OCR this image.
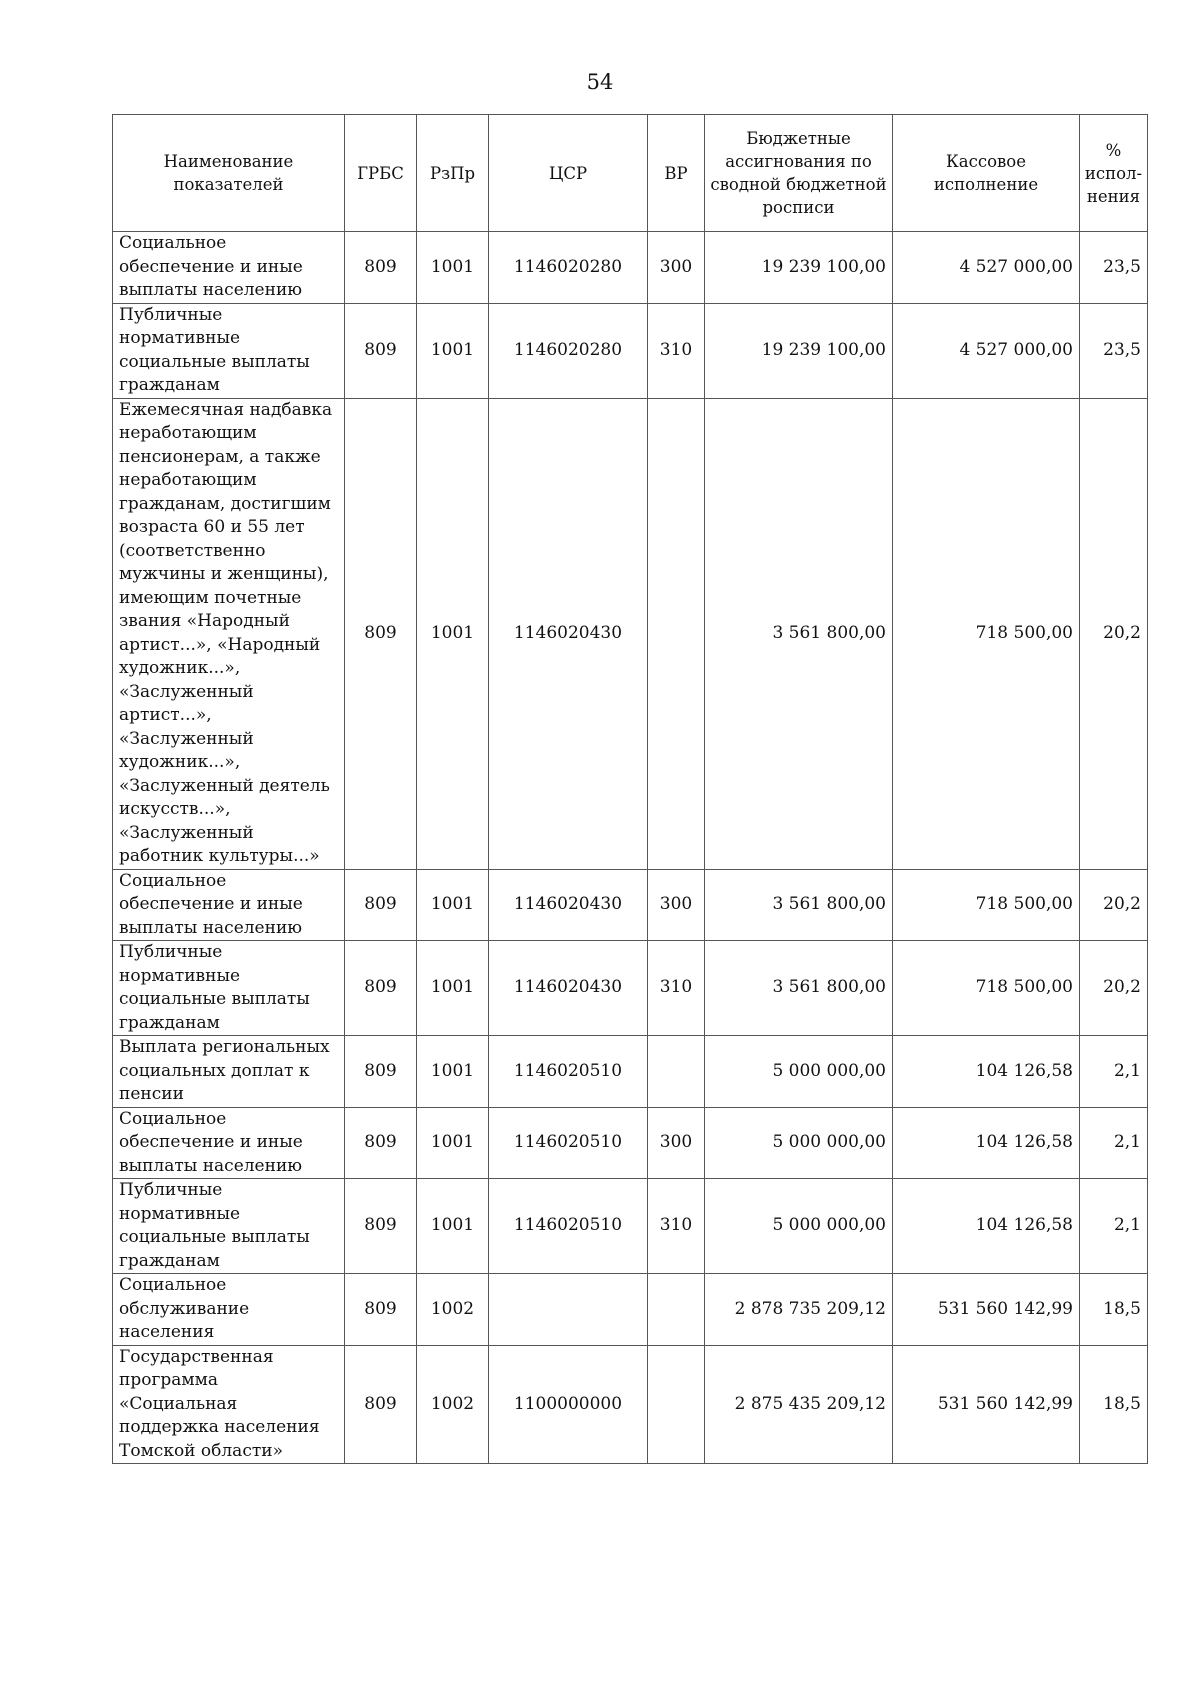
54
Наименование показателей	ГРБС	РзПр	ЦСР	ВР	Бюджетные ассигнования по сводной бюджетной росписи	Кассовое исполнение	% испол-нения
Социальное обеспечение и иные выплаты населению	809	1001	1146020280	300	19 239 100,00	4 527 000,00	23,5
Публичные нормативные социальные выплаты гражданам	809	1001	1146020280	310	19 239 100,00	4 527 000,00	23,5
Ежемесячная надбавка неработающим пенсионерам, а также неработающим гражданам, достигшим возраста 60 и 55 лет (соответственно мужчины и женщины), имеющим почетные звания «Народный артист...», «Народный художник...», «Заслуженный артист...», «Заслуженный художник...», «Заслуженный деятель искусств...», «Заслуженный работник культуры...»	809	1001	1146020430		3 561 800,00	718 500,00	20,2
Социальное обеспечение и иные выплаты населению	809	1001	1146020430	300	3 561 800,00	718 500,00	20,2
Публичные нормативные социальные выплаты гражданам	809	1001	1146020430	310	3 561 800,00	718 500,00	20,2
Выплата региональных социальных доплат к пенсии	809	1001	1146020510		5 000 000,00	104 126,58	2,1
Социальное обеспечение и иные выплаты населению	809	1001	1146020510	300	5 000 000,00	104 126,58	2,1
Публичные нормативные социальные выплаты гражданам	809	1001	1146020510	310	5 000 000,00	104 126,58	2,1
Социальное обслуживание населения	809	1002			2 878 735 209,12	531 560 142,99	18,5
Государственная программа «Социальная поддержка населения Томской области»	809	1002	1100000000		2 875 435 209,12	531 560 142,99	18,5
